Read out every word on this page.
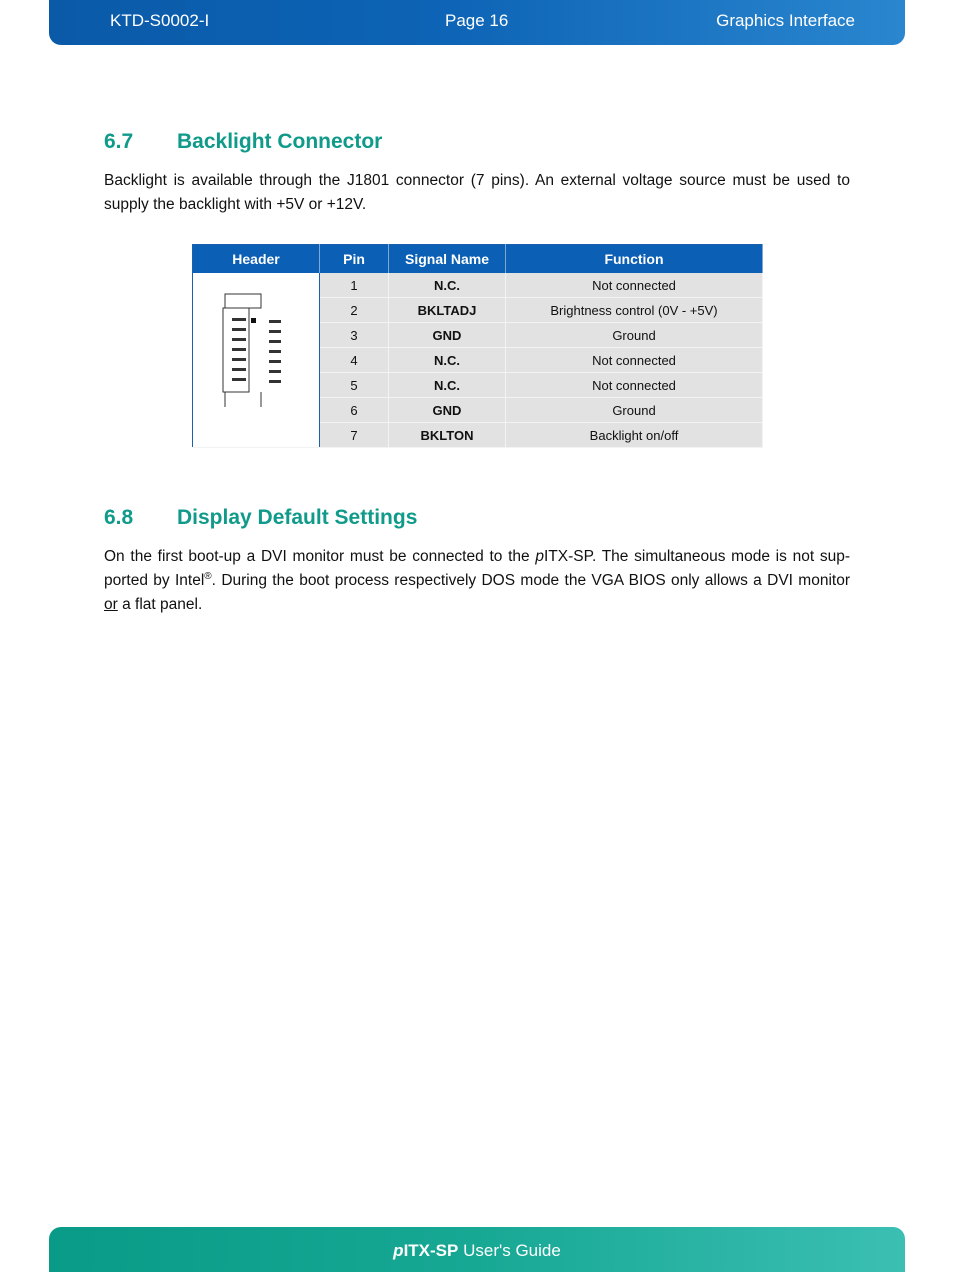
KTD-S0002-I	Page 16	Graphics Interface
6.7 Backlight Connector
Backlight is available through the J1801 connector (7 pins). An external voltage source must be used to supply the backlight with +5V or +12V.
Header	Pin	Signal Name	Function
	1	N.C.	Not connected
	2	BKLTADJ	Brightness control (0V - +5V)
	3	GND	Ground
	4	N.C.	Not connected
	5	N.C.	Not connected
	6	GND	Ground
	7	BKLTON	Backlight on/off
6.8 Display Default Settings
On the first boot-up a DVI monitor must be connected to the pITX-SP. The simultaneous mode is not sup-ported by Intel®. During the boot process respectively DOS mode the VGA BIOS only allows a DVI monitor or a flat panel.
pITX-SP User's Guide
